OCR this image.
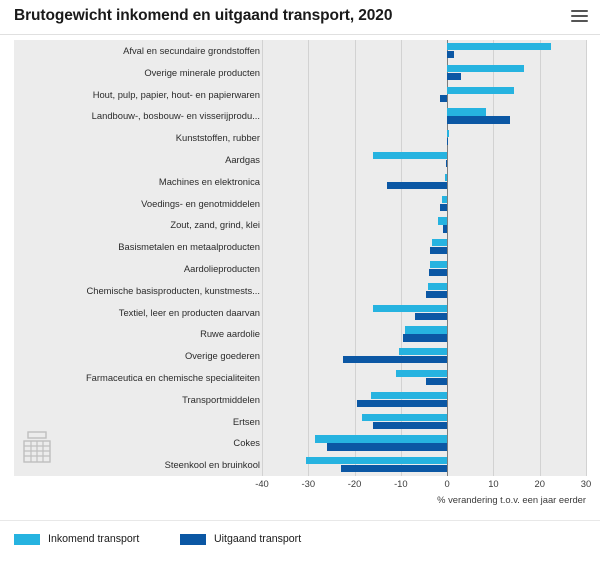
Brutogewicht inkomend en uitgaand transport, 2020
Afval en secundaire grondstoffen
Overige minerale producten
Hout, pulp, papier, hout- en papierwaren
Landbouw-, bosbouw- en visserijprodu...
Kunststoffen, rubber
Aardgas
Machines en elektronica
Voedings- en genotmiddelen
Zout, zand, grind, klei
Basismetalen en metaalproducten
Aardolieproducten
Chemische basisproducten, kunstmests...
Textiel, leer en producten daarvan
Ruwe aardolie
Overige goederen
Farmaceutica en chemische specialiteiten
Transportmiddelen
Ertsen
Cokes
Steenkool en bruinkool
-40	-30	-20	-10	0	10	20	30
% verandering t.o.v. een jaar eerder
Inkomend transport	Uitgaand transport
